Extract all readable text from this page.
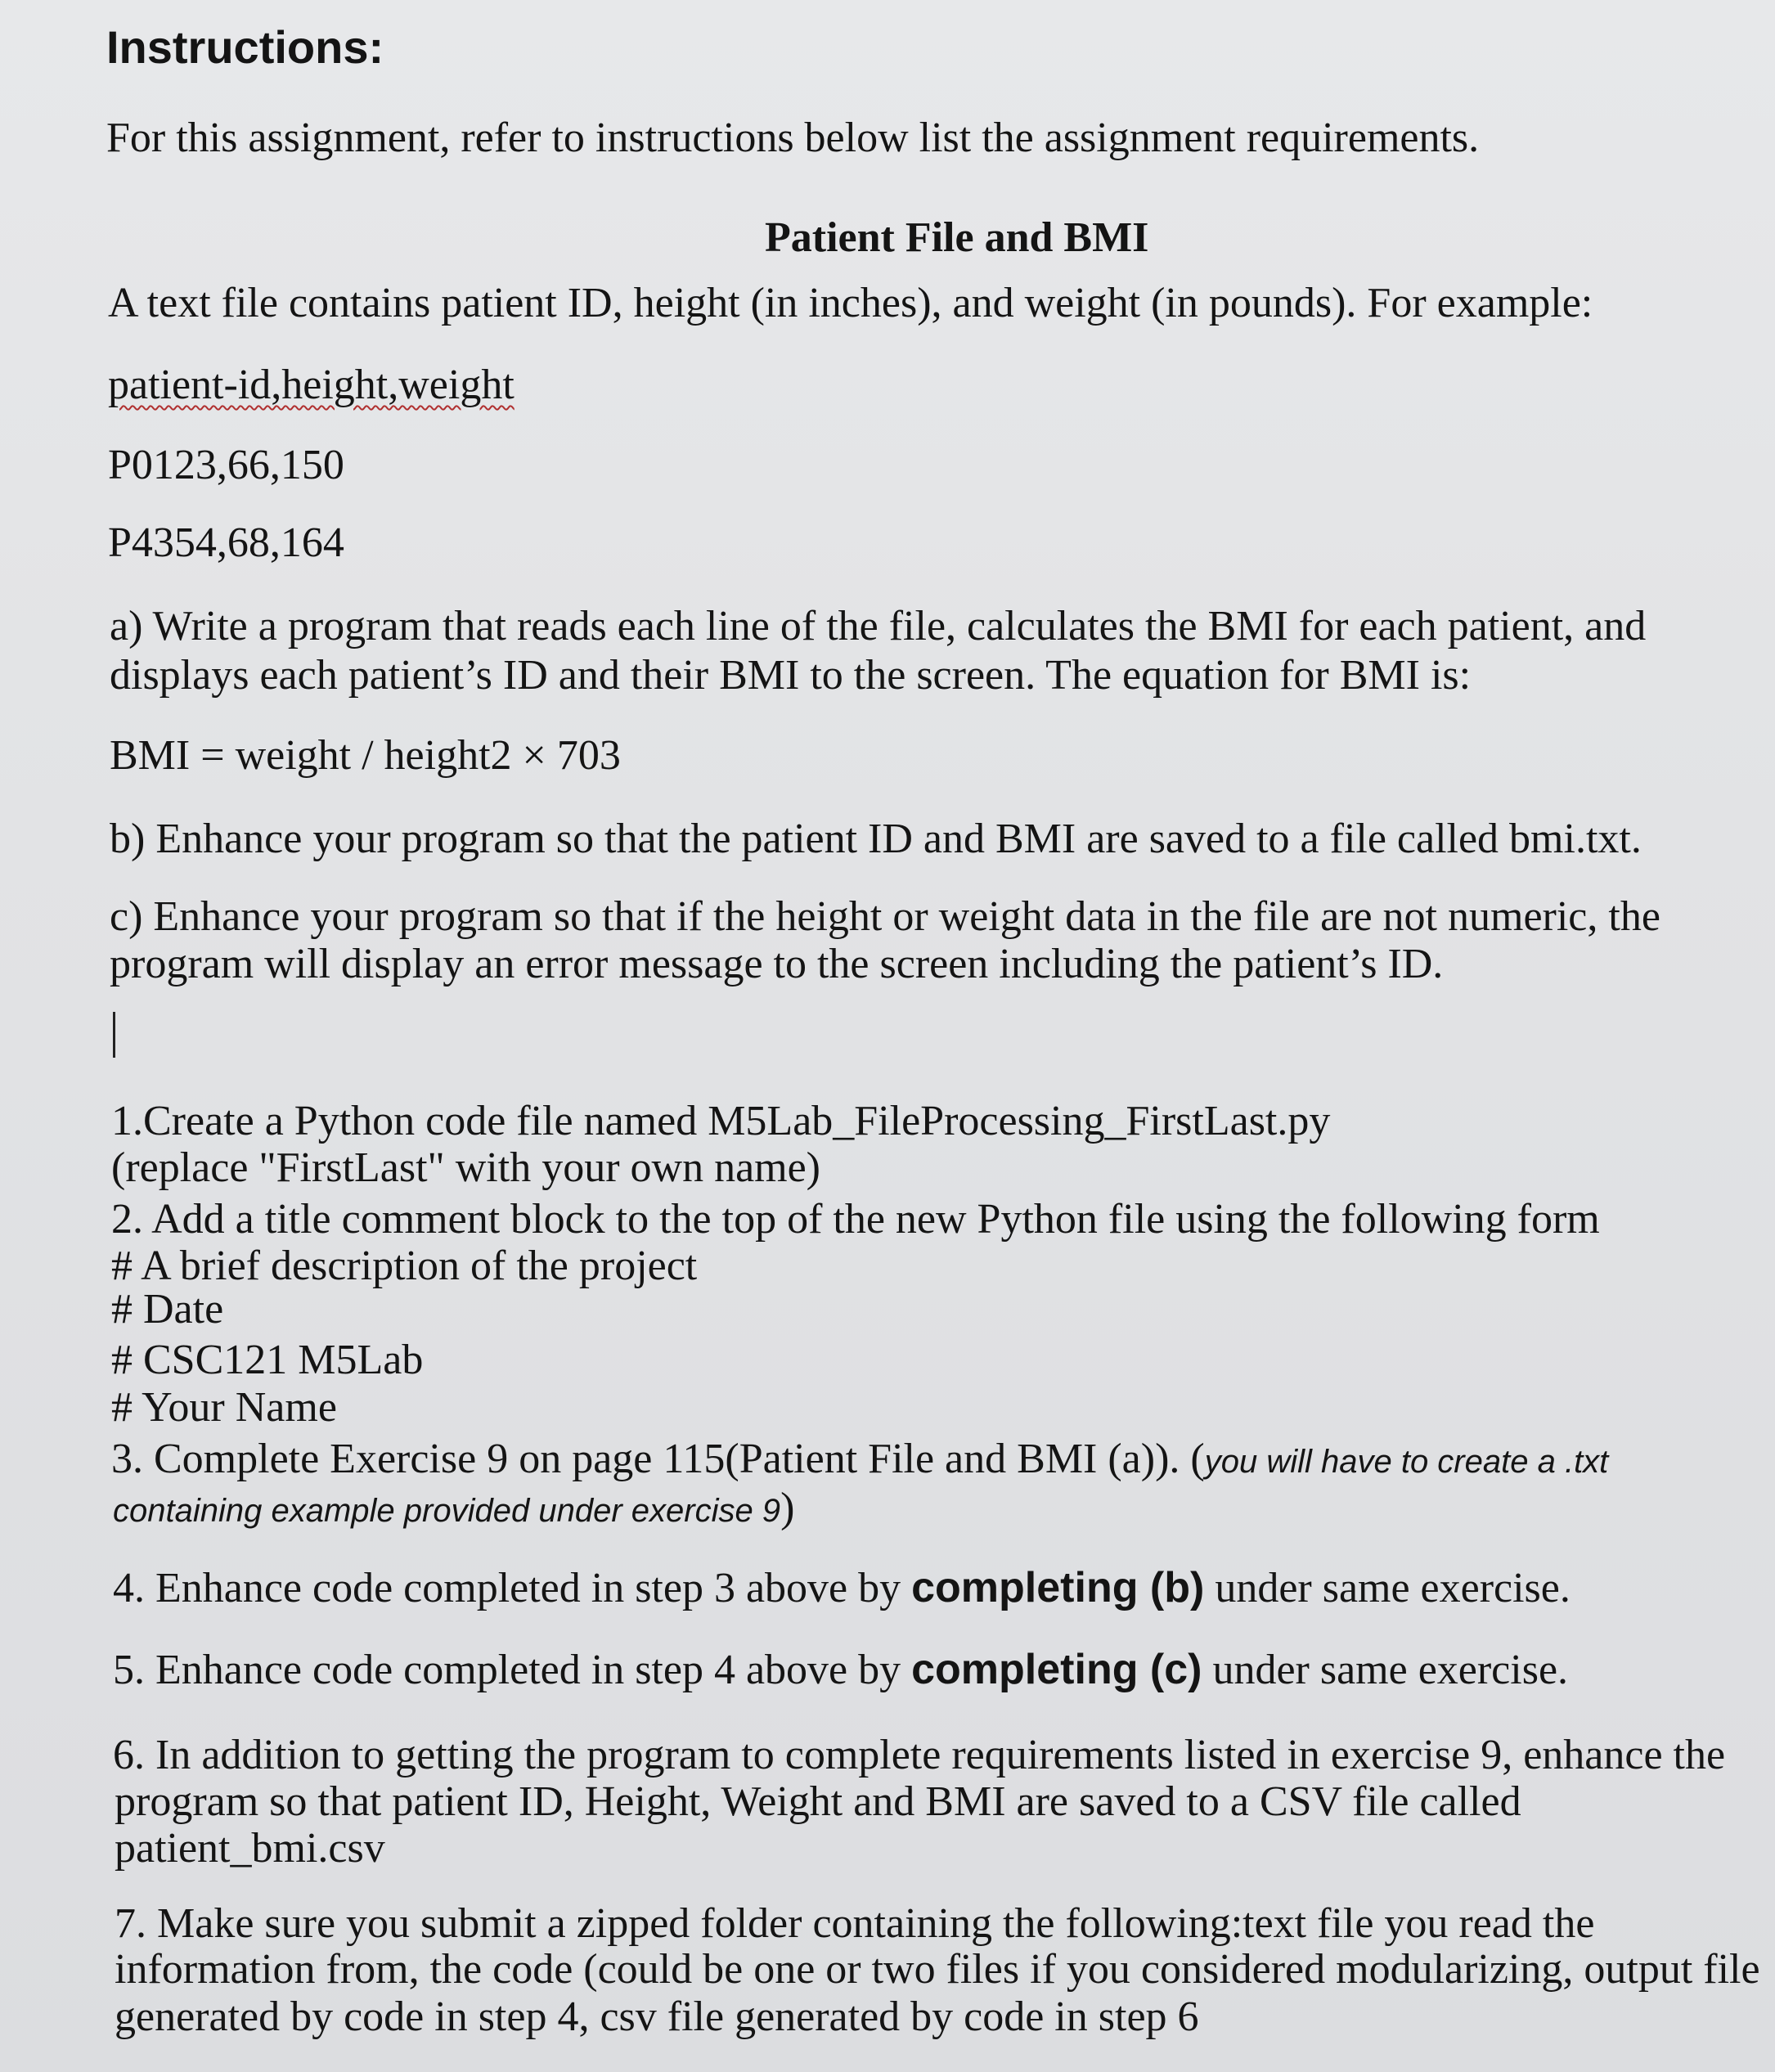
Instructions:
For this assignment, refer to instructions below list the assignment requirements.
Patient File and BMI
A text file contains patient ID, height (in inches), and weight (in pounds). For example:
patient-id,height,weight
P0123,66,150
P4354,68,164
a) Write a program that reads each line of the file, calculates the BMI for each patient, and
displays each patient’s ID and their BMI to the screen. The equation for BMI is:
BMI = weight / height2 × 703
b) Enhance your program so that the patient ID and BMI are saved to a file called bmi.txt.
c) Enhance your program so that if the height or weight data in the file are not numeric, the
program will display an error message to the screen including the patient’s ID.
1.Create a Python code file named M5Lab_FileProcessing_FirstLast.py
(replace "FirstLast" with your own name)
2. Add a title comment block to the top of the new Python file using the following form
# A brief description of the project
# Date
# CSC121 M5Lab
# Your Name
3. Complete Exercise 9 on page 115(Patient File and BMI (a)). (you will have to create a .txt
containing example provided under exercise 9)
4. Enhance code completed in step 3 above by completing (b) under same exercise.
5. Enhance code completed in step 4 above by completing (c) under same exercise.
6. In addition to getting the program to complete requirements listed in exercise 9, enhance the
program so that patient ID, Height, Weight and BMI are saved to a CSV file called
patient_bmi.csv
7. Make sure you submit a zipped folder containing the following:text file you read the
information from, the code (could be one or two files if you considered modularizing, output file
generated by code in step 4, csv file generated by code in step 6
